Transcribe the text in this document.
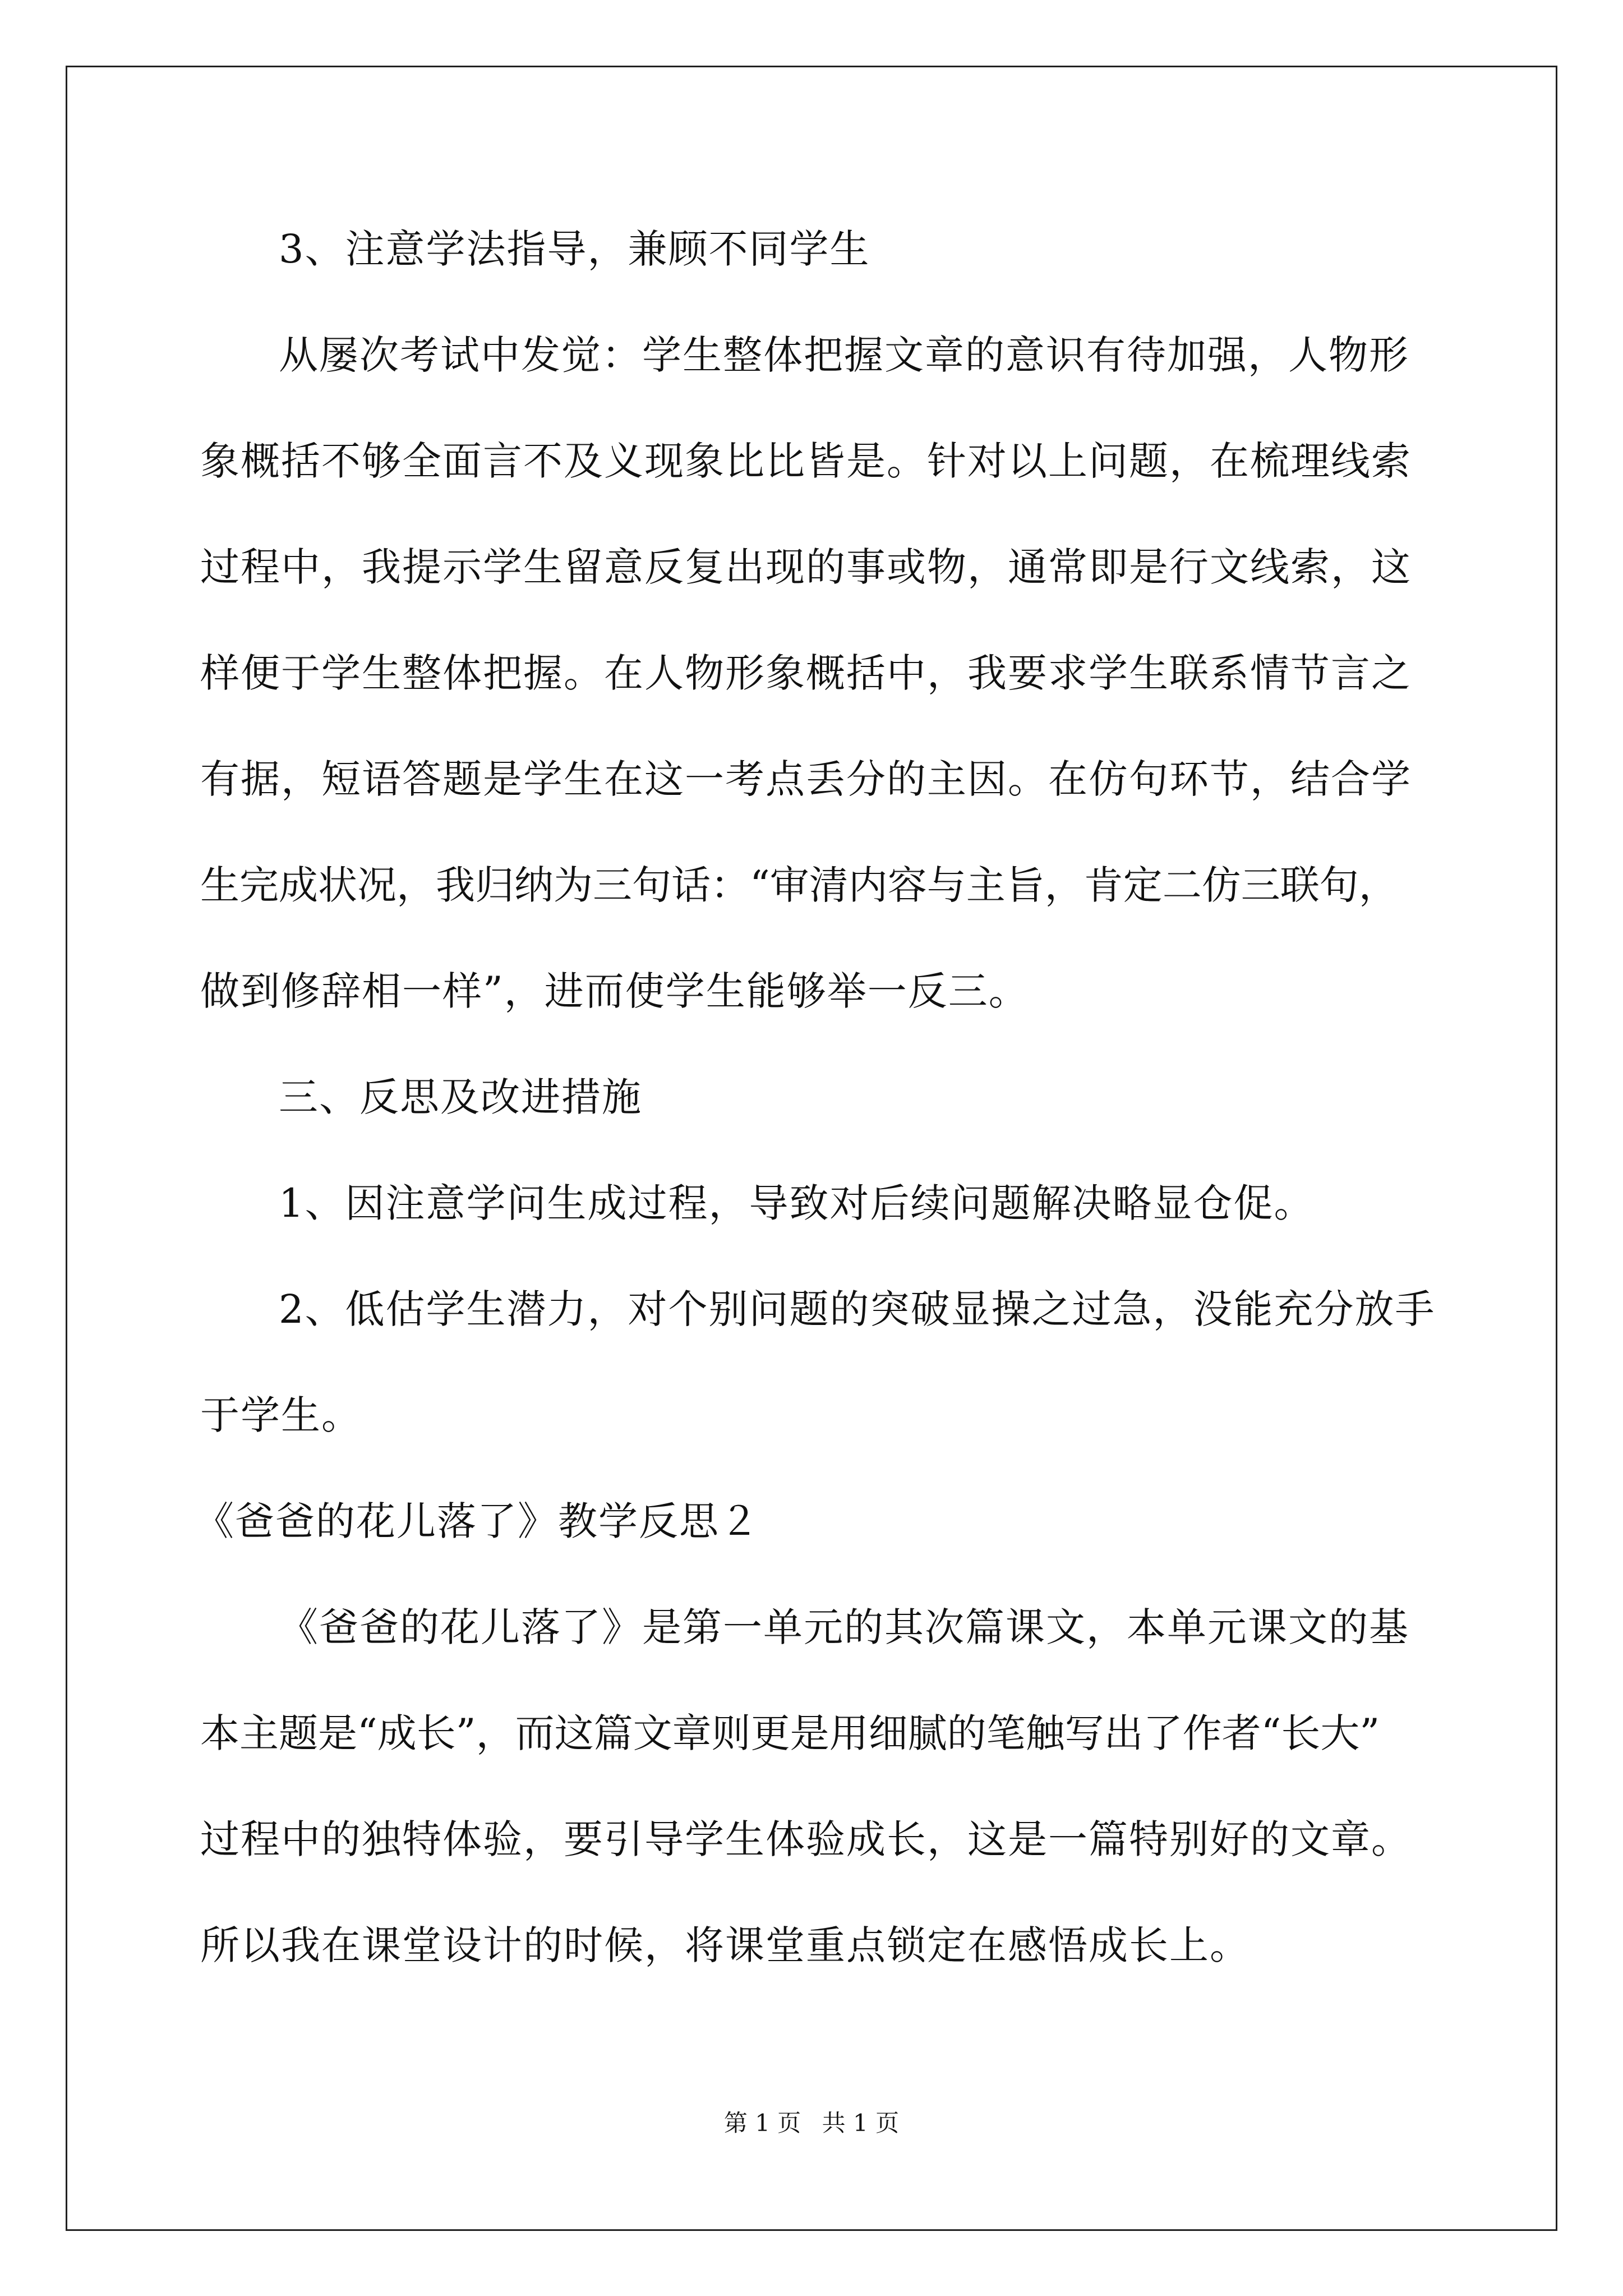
3、注意学法指导，兼顾不同学生
从屡次考试中发觉：学生整体把握文章的意识有待加强，人物形
象概括不够全面言不及义现象比比皆是。针对以上问题，在梳理线索
过程中，我提示学生留意反复出现的事或物，通常即是行文线索，这
样便于学生整体把握。在人物形象概括中，我要求学生联系情节言之
有据，短语答题是学生在这一考点丢分的主因。在仿句环节，结合学
生完成状况，我归纳为三句话：“审清内容与主旨，肯定二仿三联句，
做到修辞相一样”，进而使学生能够举一反三。
三、反思及改进措施
1、因注意学问生成过程，导致对后续问题解决略显仓促。
2、低估学生潜力，对个别问题的突破显操之过急，没能充分放手
于学生。
《爸爸的花儿落了》教学反思２
《爸爸的花儿落了》是第一单元的其次篇课文，本单元课文的基
本主题是“成长”，而这篇文章则更是用细腻的笔触写出了作者“长大”
过程中的独特体验，要引导学生体验成长，这是一篇特别好的文章。
所以我在课堂设计的时候，将课堂重点锁定在感悟成长上。
第 1 页 共 1 页
